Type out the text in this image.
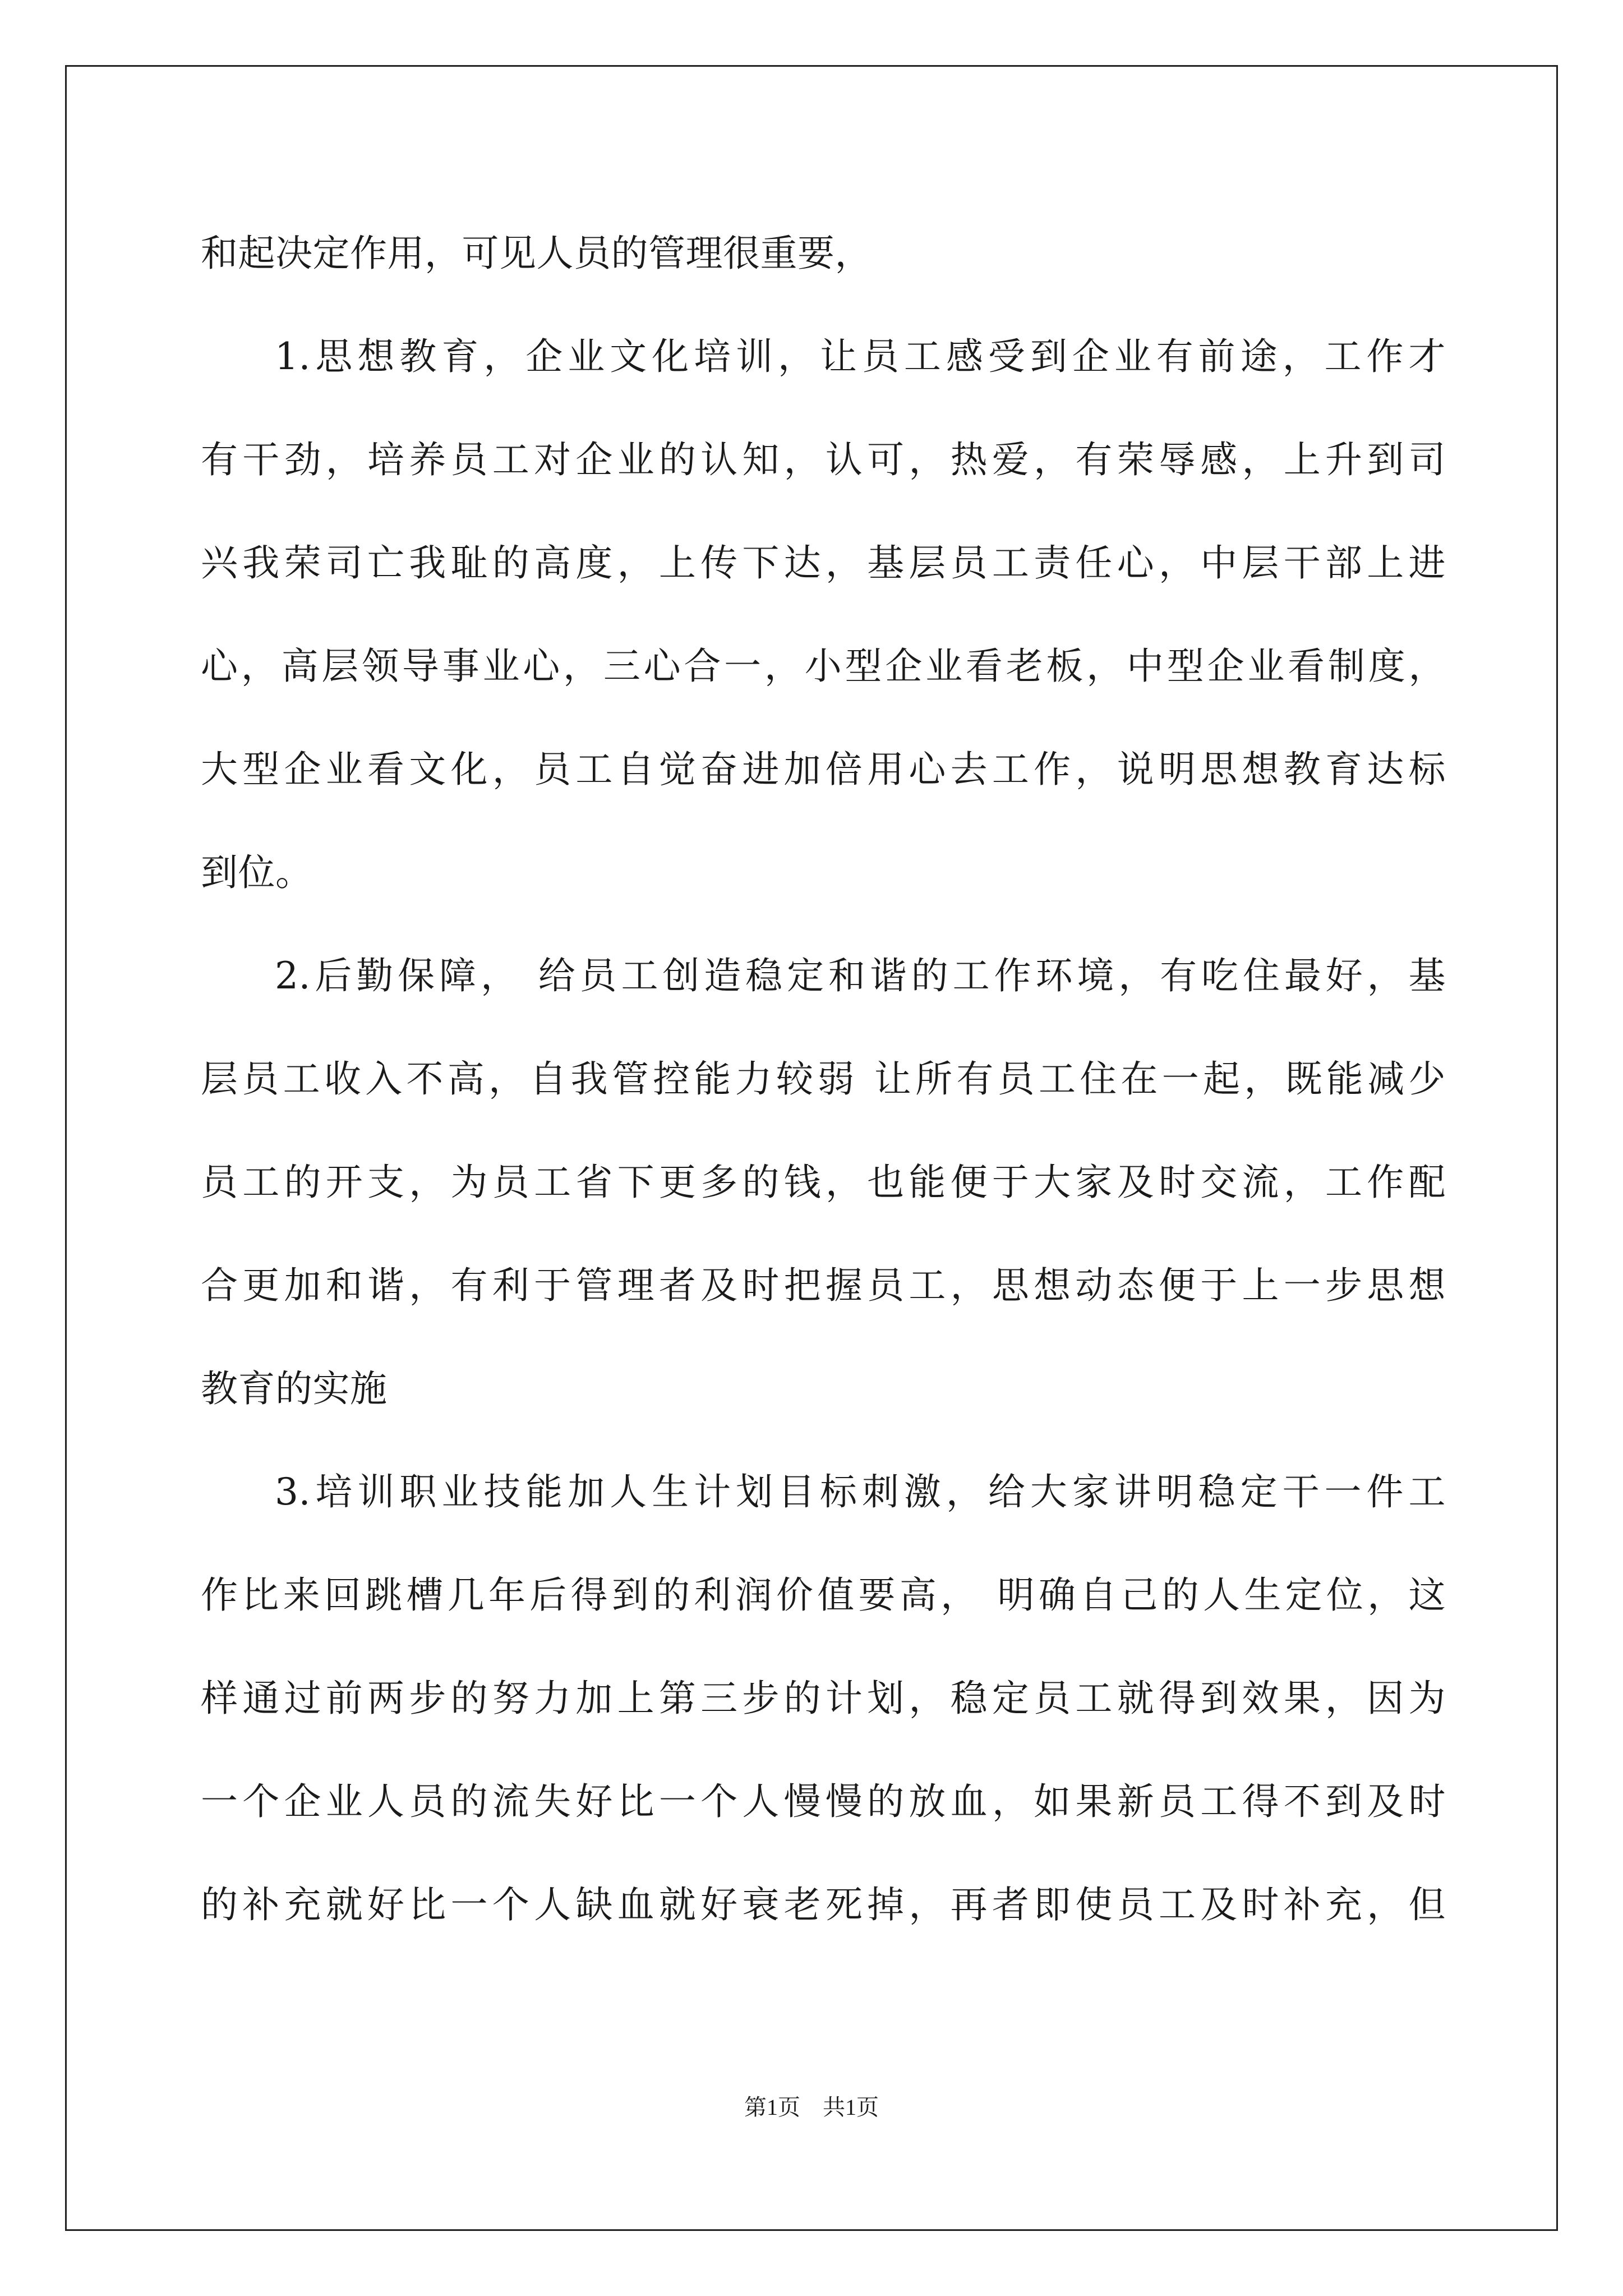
和起决定作用，可见人员的管理很重要，
1.思想教育，企业文化培训，让员工感受到企业有前途，工作才
有干劲，培养员工对企业的认知，认可，热爱，有荣辱感，上升到司
兴我荣司亡我耻的高度，上传下达，基层员工责任心，中层干部上进
心，高层领导事业心，三心合一，小型企业看老板，中型企业看制度，
大型企业看文化，员工自觉奋进加倍用心去工作，说明思想教育达标
到位。
2.后勤保障， 给员工创造稳定和谐的工作环境，有吃住最好，基
层员工收入不高，自我管控能力较弱 让所有员工住在一起，既能减少
员工的开支，为员工省下更多的钱，也能便于大家及时交流，工作配
合更加和谐，有利于管理者及时把握员工，思想动态便于上一步思想
教育的实施
3.培训职业技能加人生计划目标刺激，给大家讲明稳定干一件工
作比来回跳槽几年后得到的利润价值要高， 明确自己的人生定位，这
样通过前两步的努力加上第三步的计划，稳定员工就得到效果，因为
一个企业人员的流失好比一个人慢慢的放血，如果新员工得不到及时
的补充就好比一个人缺血就好衰老死掉，再者即使员工及时补充，但
第1页　共1页
